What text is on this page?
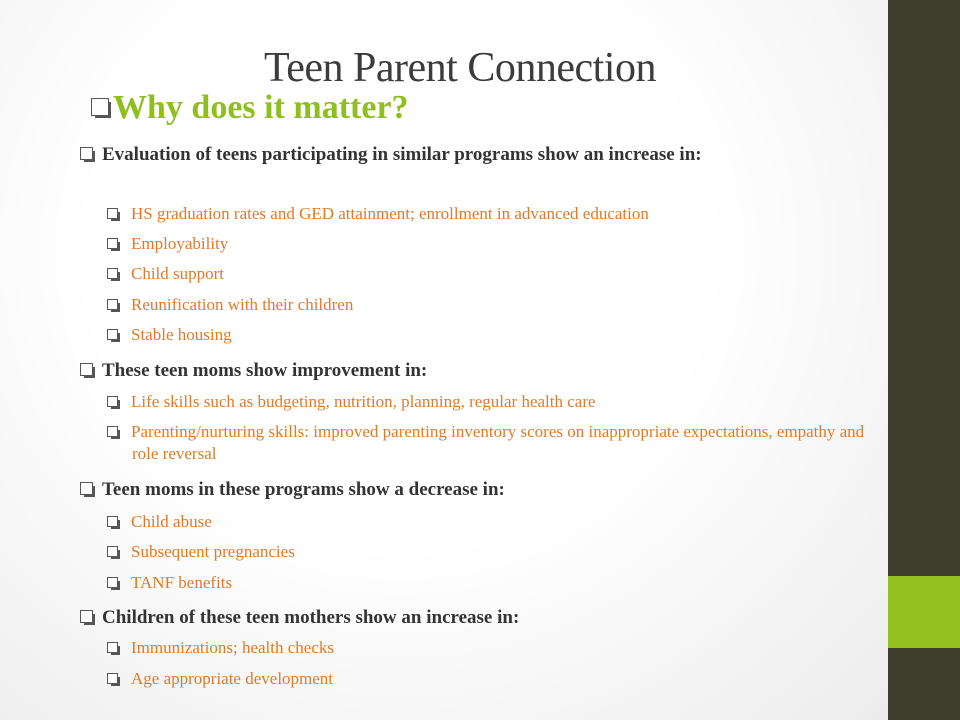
Teen Parent Connection
Why does it matter?
Evaluation of teens participating in similar programs show an increase in:
HS graduation rates and GED attainment; enrollment in advanced education
Employability
Child support
Reunification with their children
Stable housing
These teen moms show improvement in:
Life skills such as budgeting, nutrition, planning, regular health care
Parenting/nurturing skills: improved parenting inventory scores on inappropriate expectations, empathy and role reversal
Teen moms in these programs show a decrease in:
Child abuse
Subsequent pregnancies
TANF benefits
Children of these teen mothers show an increase in:
Immunizations; health checks
Age appropriate development
